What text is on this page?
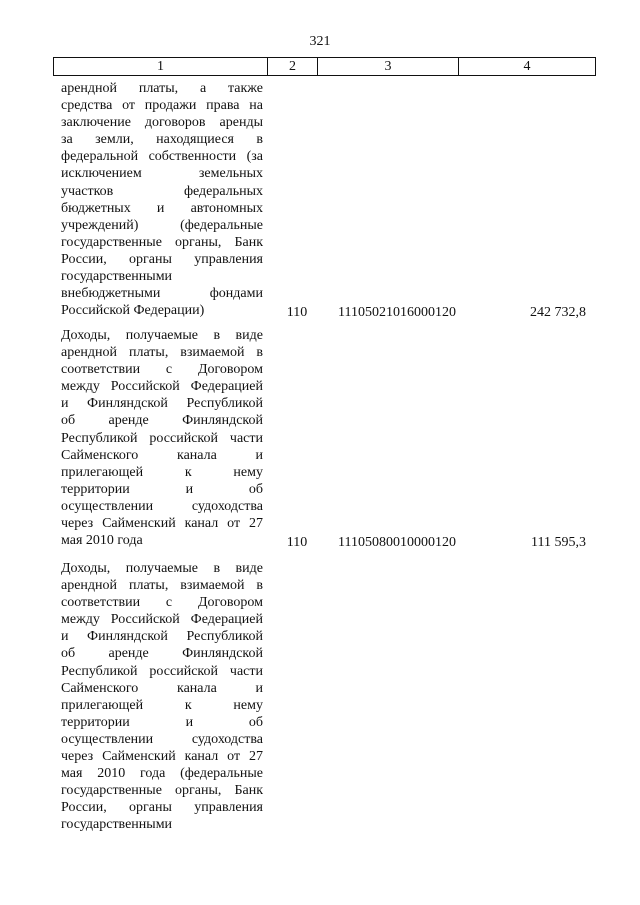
321
1	2	3	4
арендной платы, а также
средства от продажи права на
заключение договоров аренды
за земли, находящиеся в
федеральной собственности (за
исключением земельных
участков федеральных
бюджетных и автономных
учреждений) (федеральные
государственные органы, Банк
России, органы управления
государственными
внебюджетными фондами
Российской Федерации)	110	11105021016000120	242 732,8
Доходы, получаемые в виде
арендной платы, взимаемой в
соответствии с Договором
между Российской Федерацией
и Финляндской Республикой
об аренде Финляндской
Республикой российской части
Сайменского канала и
прилегающей к нему
территории и об
осуществлении судоходства
через Сайменский канал от 27
мая 2010 года	110	11105080010000120	111 595,3
Доходы, получаемые в виде
арендной платы, взимаемой в
соответствии с Договором
между Российской Федерацией
и Финляндской Республикой
об аренде Финляндской
Республикой российской части
Сайменского канала и
прилегающей к нему
территории и об
осуществлении судоходства
через Сайменский канал от 27
мая 2010 года (федеральные
государственные органы, Банк
России, органы управления
государственными
